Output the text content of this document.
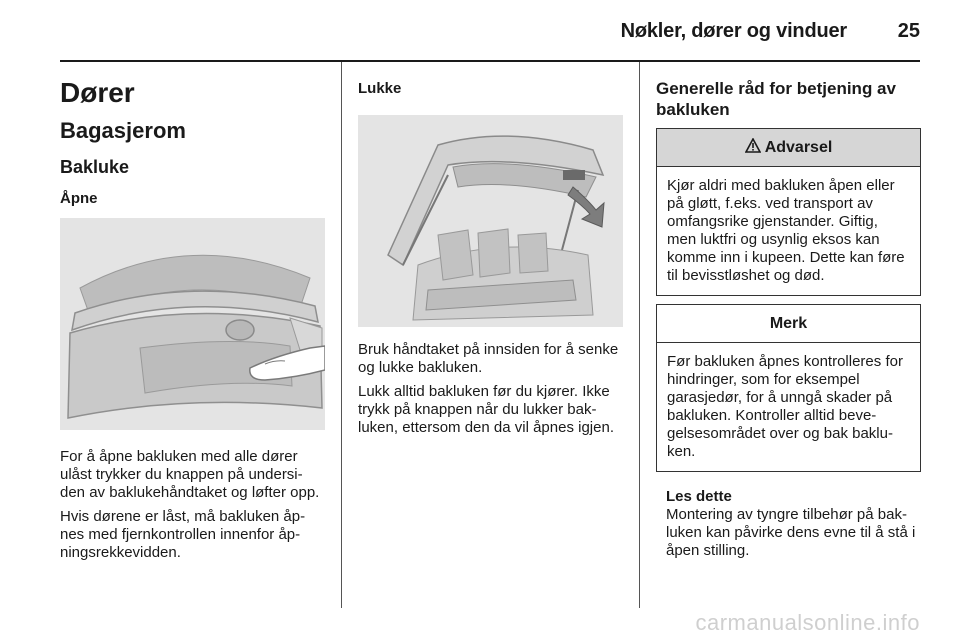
Nøkler, dører og vinduer	25
Dører
Bagasjerom
Bakluke
Åpne
For å åpne bakluken med alle dører ulåst trykker du knappen på undersi-den av baklukehåndtaket og løfter opp.
Hvis dørene er låst, må bakluken åp-nes med fjernkontrollen innenfor åp-ningsrekkevidden.
Lukke
Bruk håndtaket på innsiden for å senke og lukke bakluken.
Lukk alltid bakluken før du kjører. Ikke trykk på knappen når du lukker bak-luken, ettersom den da vil åpnes igjen.
Generelle råd for betjening av bakluken
Advarsel
Kjør aldri med bakluken åpen eller på gløtt, f.eks. ved transport av omfangsrike gjenstander. Giftig, men luktfri og usynlig eksos kan komme inn i kupeen. Dette kan føre til bevisstløshet og død.
Merk
Før bakluken åpnes kontrolleres for hindringer, som for eksempel garasjedør, for å unngå skader på bakluken. Kontroller alltid beve-gelsesområdet over og bak baklu-ken.
Les dette
Montering av tyngre tilbehør på bak-luken kan påvirke dens evne til å stå i åpen stilling.
carmanualsonline.info
